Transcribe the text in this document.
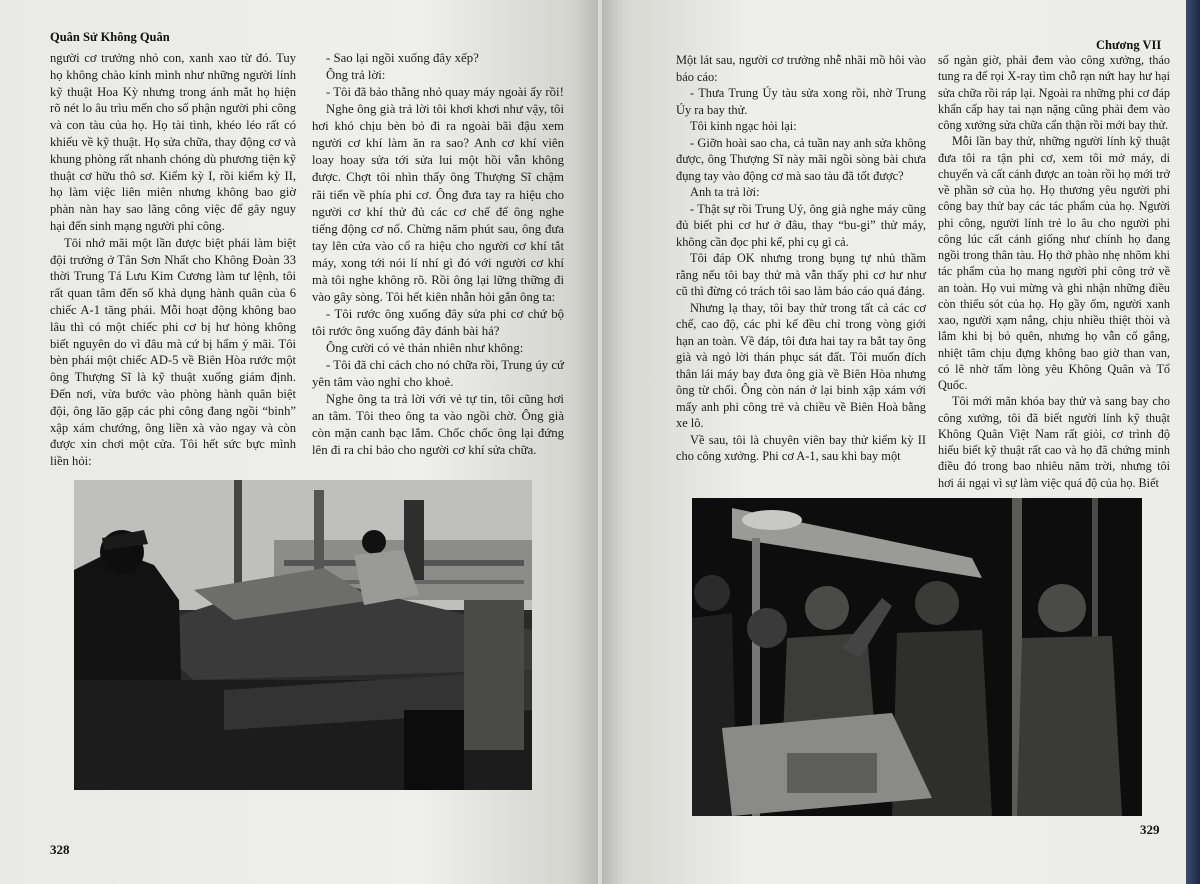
Quân Sử Không Quân

người cơ trưởng nhỏ con, xanh xao từ đó. Tuy họ không chào kính mình như những người lính kỹ thuật Hoa Kỳ nhưng trong ánh mắt họ hiện rõ nét lo âu trìu mến cho số phận người phi công và con tàu của họ. Họ tài tình, khéo léo rất có khiếu về kỹ thuật. Họ sửa chữa, thay động cơ và khung phòng rất nhanh chóng dù phương tiện kỹ thuật cơ hữu thô sơ. Kiểm kỳ I, rồi kiểm kỳ II, họ làm việc liên miên nhưng không bao giờ phàn nàn hay sao lãng công việc để gây nguy hại đến sinh mạng người phi công.

Tôi nhớ mãi một lần được biệt phái làm biệt đội trưởng ở Tân Sơn Nhất cho Không Đoàn 33 thời Trung Tá Lưu Kim Cương làm tư lệnh, tôi rất quan tâm đến số khả dụng hành quân của 6 chiếc A-1 tăng phái. Mỗi hoạt động không bao lâu thì có một chiếc phi cơ bị hư hỏng không biết nguyên do vì đâu mà cứ bị hẩm ý mãi. Tôi bèn phái một chiếc AD-5 về Biên Hòa rước một ông Thượng Sĩ là kỹ thuật xuống giám định. Đến nơi, vừa bước vào phòng hành quân biệt đội, ông lão gặp các phi công đang ngồi “binh” xập xám chướng, ông liền xà vào ngay và còn được xin chơi một cửa. Tôi hết sức bực mình liền hỏi:

- Sao lại ngồi xuống đây xếp?

Ông trả lời:

- Tôi đã bảo thằng nhỏ quay máy ngoài ấy rồi!

Nghe ông già trả lời tôi khơi khơi như vậy, tôi hơi khó chịu bèn bỏ đi ra ngoài bãi đậu xem người cơ khí làm ăn ra sao? Anh cơ khí viên loay hoay sửa tới sửa lui một hồi vẫn không được. Chợt tôi nhìn thấy ông Thượng Sĩ chậm rãi tiến về phía phi cơ. Ông đưa tay ra hiệu cho người cơ khí thử đủ các cơ chế để ông nghe tiếng động cơ nổ. Chừng năm phút sau, ông đưa tay lên cửa vào cổ ra hiệu cho người cơ khí tắt máy, xong tới nói lí nhí gì đó với người cơ khí mà tôi nghe không rõ. Rồi ông lại lững thững đi vào gây sòng. Tôi hết kiên nhẫn hỏi gắn ông ta:

- Tôi rước ông xuống đây sửa phi cơ chứ bộ tôi rước ông xuống đây đánh bài há?

Ông cười có vẻ thản nhiên như không:

- Tôi đã chỉ cách cho nó chữa rồi, Trung úy cứ yên tâm vào nghỉ cho khoẻ.

Nghe ông ta trả lời với vẻ tự tin, tôi cũng hơi an tâm. Tôi theo ông ta vào ngồi chờ. Ông già còn mặn canh bạc lắm. Chốc chốc ông lại đứng lên đi ra chỉ bảo cho người cơ khí sửa chữa.

328
Chương VII

Một lát sau, người cơ trưởng nhễ nhãi mồ hôi vào báo cáo:

- Thưa Trung Úy tàu sửa xong rồi, nhờ Trung Úy ra bay thử.

Tôi kinh ngạc hỏi lại:

- Giỡn hoài sao cha, cả tuần nay anh sửa không được, ông Thượng Sĩ này mãi ngồi sòng bài chưa đụng tay vào động cơ mà sao tàu đã tốt được?

Anh ta trả lời:

- Thật sự rồi Trung Uý, ông già nghe máy cũng đủ biết phi cơ hư ở đâu, thay “bu-gi” thử máy, không cần đọc phi kế, phi cụ gì cả.

Tôi đáp OK nhưng trong bụng tự nhủ thầm rằng nếu tôi bay thử mà vẫn thấy phi cơ hư như cũ thì đừng có trách tôi sao làm báo cáo quá đáng.

Nhưng lạ thay, tôi bay thử trong tất cả các cơ chế, cao độ, các phi kế đều chỉ trong vòng giới hạn an toàn. Về đáp, tôi đưa hai tay ra bắt tay ông già và ngỏ lời thán phục sát đất. Tôi muốn đích thân lái máy bay đưa ông già về Biên Hòa nhưng ông từ chối. Ông còn nán ở lại binh xập xám với mấy anh phi công trẻ và chiều về Biên Hoà bằng xe lô.

Về sau, tôi là chuyên viên bay thử kiểm kỳ II cho công xưởng. Phi cơ A-1, sau khi bay một

số ngàn giờ, phải đem vào công xưởng, tháo tung ra để rọi X-ray tìm chỗ rạn nứt hay hư hại sửa chữa rồi ráp lại. Ngoài ra những phi cơ đáp khẩn cấp hay tai nạn nặng cũng phải đem vào công xưởng sửa chữa cẩn thận rồi mới bay thử.

Mỗi lần bay thử, những người lính kỹ thuật đưa tôi ra tận phi cơ, xem tôi mở máy, di chuyển và cất cánh được an toàn rồi họ mới trở về phần sở của họ. Họ thương yêu người phi công bay thử bay các tác phẩm của họ. Người phi công, người lính trẻ lo âu cho người phi công lúc cất cánh giống như chính họ đang ngồi trong thân tàu. Họ thở phào nhẹ nhõm khi tác phẩm của họ mang người phi công trở về an toàn. Họ vui mừng và ghi nhận những điều còn thiếu sót của họ. Họ gầy ốm, người xanh xao, người xạm nắng, chịu nhiều thiệt thòi và lắm khi bị bỏ quên, nhưng họ vẫn cố gắng, nhiệt tâm chịu đựng không bao giờ than van, có lẽ nhờ tấm lòng yêu Không Quân và Tổ Quốc.

Tôi mới mãn khóa bay thử và sang bay cho công xưởng, tôi đã biết người lính kỹ thuật Không Quân Việt Nam rất giỏi, cơ trình độ hiểu biết kỹ thuật rất cao và họ đã chứng minh điều đó trong bao nhiêu năm trời, nhưng tôi hơi ái ngại vì sự làm việc quá độ của họ. Biết

329
